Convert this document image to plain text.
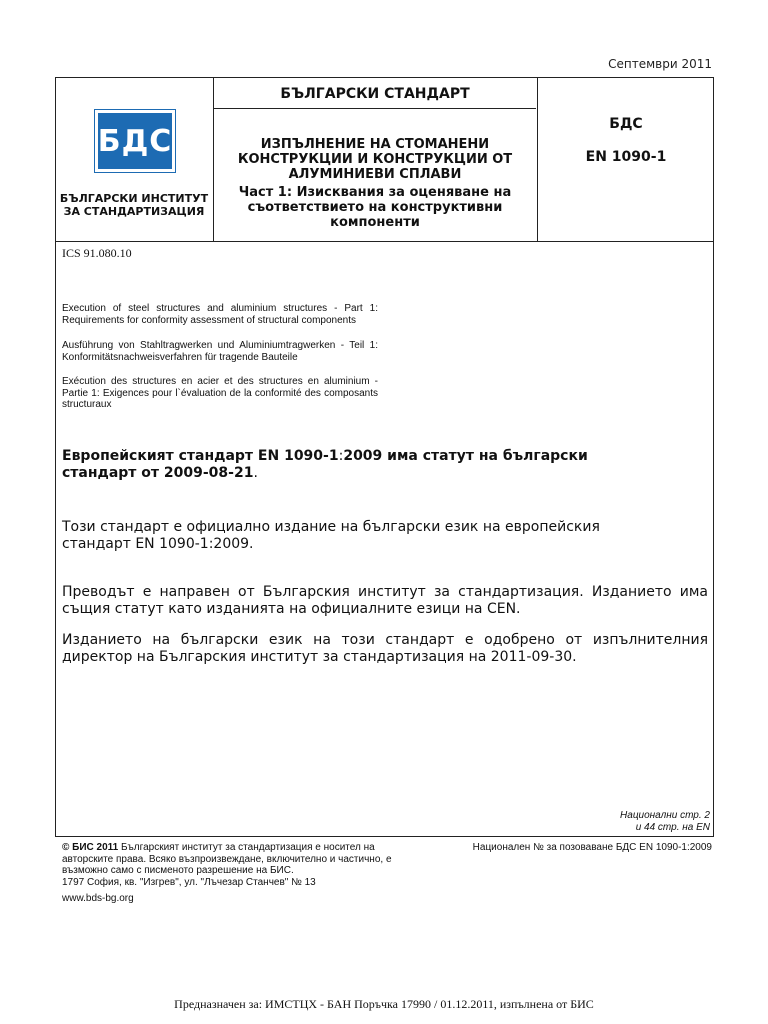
Септември 2011
БДС
БЪЛГАРСКИ ИНСТИТУТ ЗА СТАНДАРТИЗАЦИЯ
БЪЛГАРСКИ СТАНДАРТ
ИЗПЪЛНЕНИЕ НА СТОМАНЕНИ КОНСТРУКЦИИ И КОНСТРУКЦИИ ОТ АЛУМИНИЕВИ СПЛАВИ
Част 1: Изисквания за оценяване на съответствието на конструктивни компоненти
БДС
EN 1090-1
ICS 91.080.10
Execution of steel structures and aluminium structures - Part 1: Requirements for conformity assessment of structural components
Ausführung von Stahltragwerken und Aluminiumtragwerken - Teil 1: Konformitätsnachweisverfahren für tragende Bauteile
Exécution des structures en acier et des structures en aluminium - Partie 1: Exigences pour l`évaluation de la conformité des composants structuraux
Европейският стандарт EN 1090-1:2009 има статут на български стандарт от 2009-08-21.
Този стандарт е официално издание на български език на европейския стандарт EN 1090-1:2009.
Преводът е направен от Българския институт за стандартизация. Изданието има същия статут като изданията на официалните езици на CEN.
Изданието на български език на този стандарт е одобрено от изпълнителния директор на Българския институт за стандартизация на 2011-09-30.
Национални стр. 2
и 44 стр. на EN
© БИС 2011 Българският институт за стандартизация е носител на авторските права. Всяко възпроизвеждане, включително и частично, е възможно само с писменото разрешение на БИС.
1797 София, кв. "Изгрев", ул. "Лъчезар Станчев" № 13
Национален № за позоваване БДС EN 1090-1:2009
www.bds-bg.org
Предназначен за: ИМСТЦХ - БАН Поръчка 17990 / 01.12.2011, изпълнена от БИС
